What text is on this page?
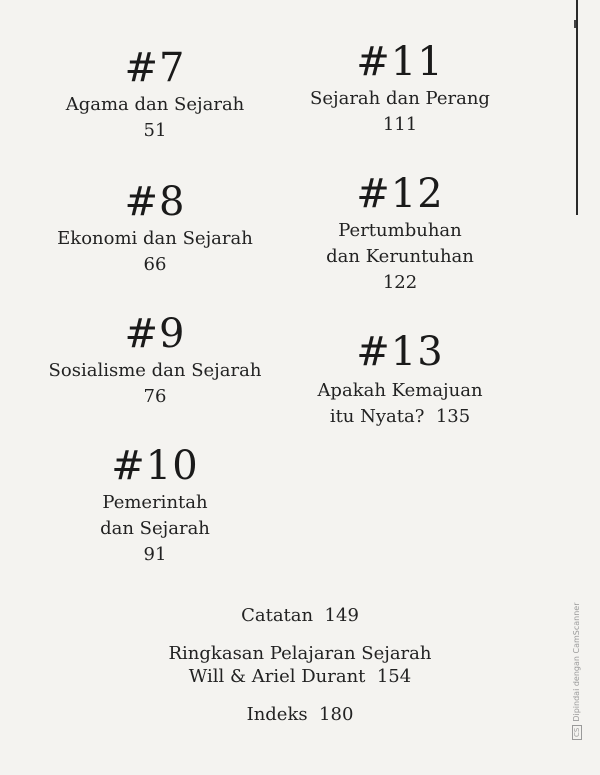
#7
Agama dan Sejarah
51
#8
Ekonomi dan Sejarah
66
#9
Sosialisme dan Sejarah
76
#10
Pemerintah
dan Sejarah
91
#11
Sejarah dan Perang
111
#12
Pertumbuhan
dan Keruntuhan
122
#13
Apakah Kemajuan
itu Nyata?  135
Catatan  149
Ringkasan Pelajaran Sejarah
Will & Ariel Durant  154
Indeks  180
CSDipindai dengan CamScanner
